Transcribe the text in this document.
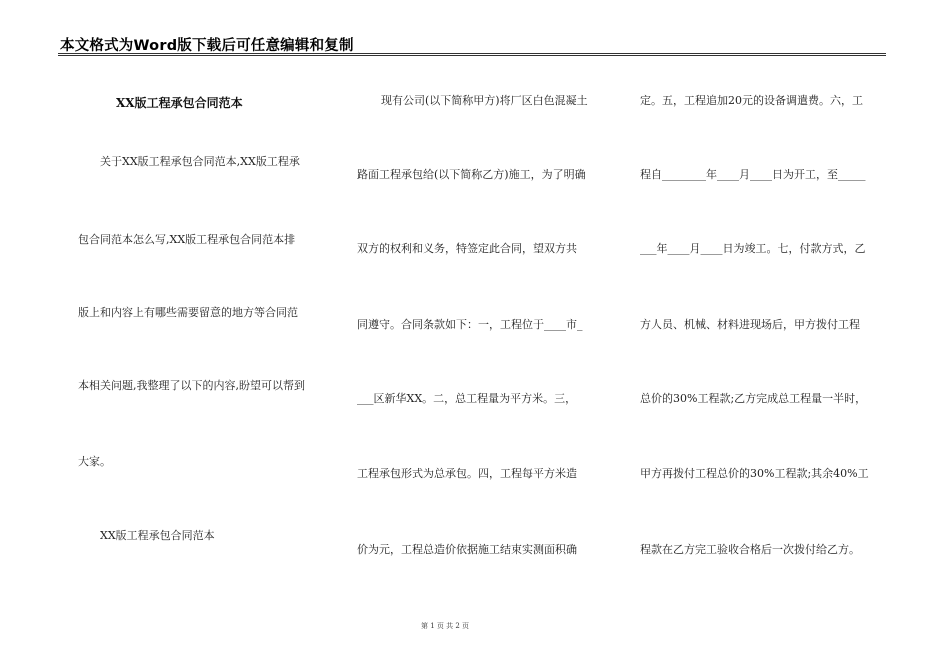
本文格式为Word版下载后可任意编辑和复制
XX版工程承包合同范本
关于XX版工程承包合同范本,XX版工程承
包合同范本怎么写,XX版工程承包合同范本排
版上和内容上有哪些需要留意的地方等合同范
本相关问题,我整理了以下的内容,盼望可以帮到
大家。
XX版工程承包合同范本
现有公司(以下简称甲方)将厂区白色混凝土
路面工程承包给(以下简称乙方)施工，为了明确
双方的权利和义务，特签定此合同，望双方共
同遵守。合同条款如下：一，工程位于____市_
___区新华XX。二，总工程量为平方米。三，
工程承包形式为总承包。四，工程每平方米造
价为元，工程总造价依据施工结束实测面积确
定。五，工程追加20元的设备调遣费。六，工
程自________年____月____日为开工，至_____
___年____月____日为竣工。七，付款方式，乙
方人员、机械、材料进现场后，甲方拨付工程
总价的30%工程款;乙方完成总工程量一半时，
甲方再拨付工程总价的30%工程款;其余40%工
程款在乙方完工验收合格后一次拨付给乙方。
第 1 页 共 2 页
